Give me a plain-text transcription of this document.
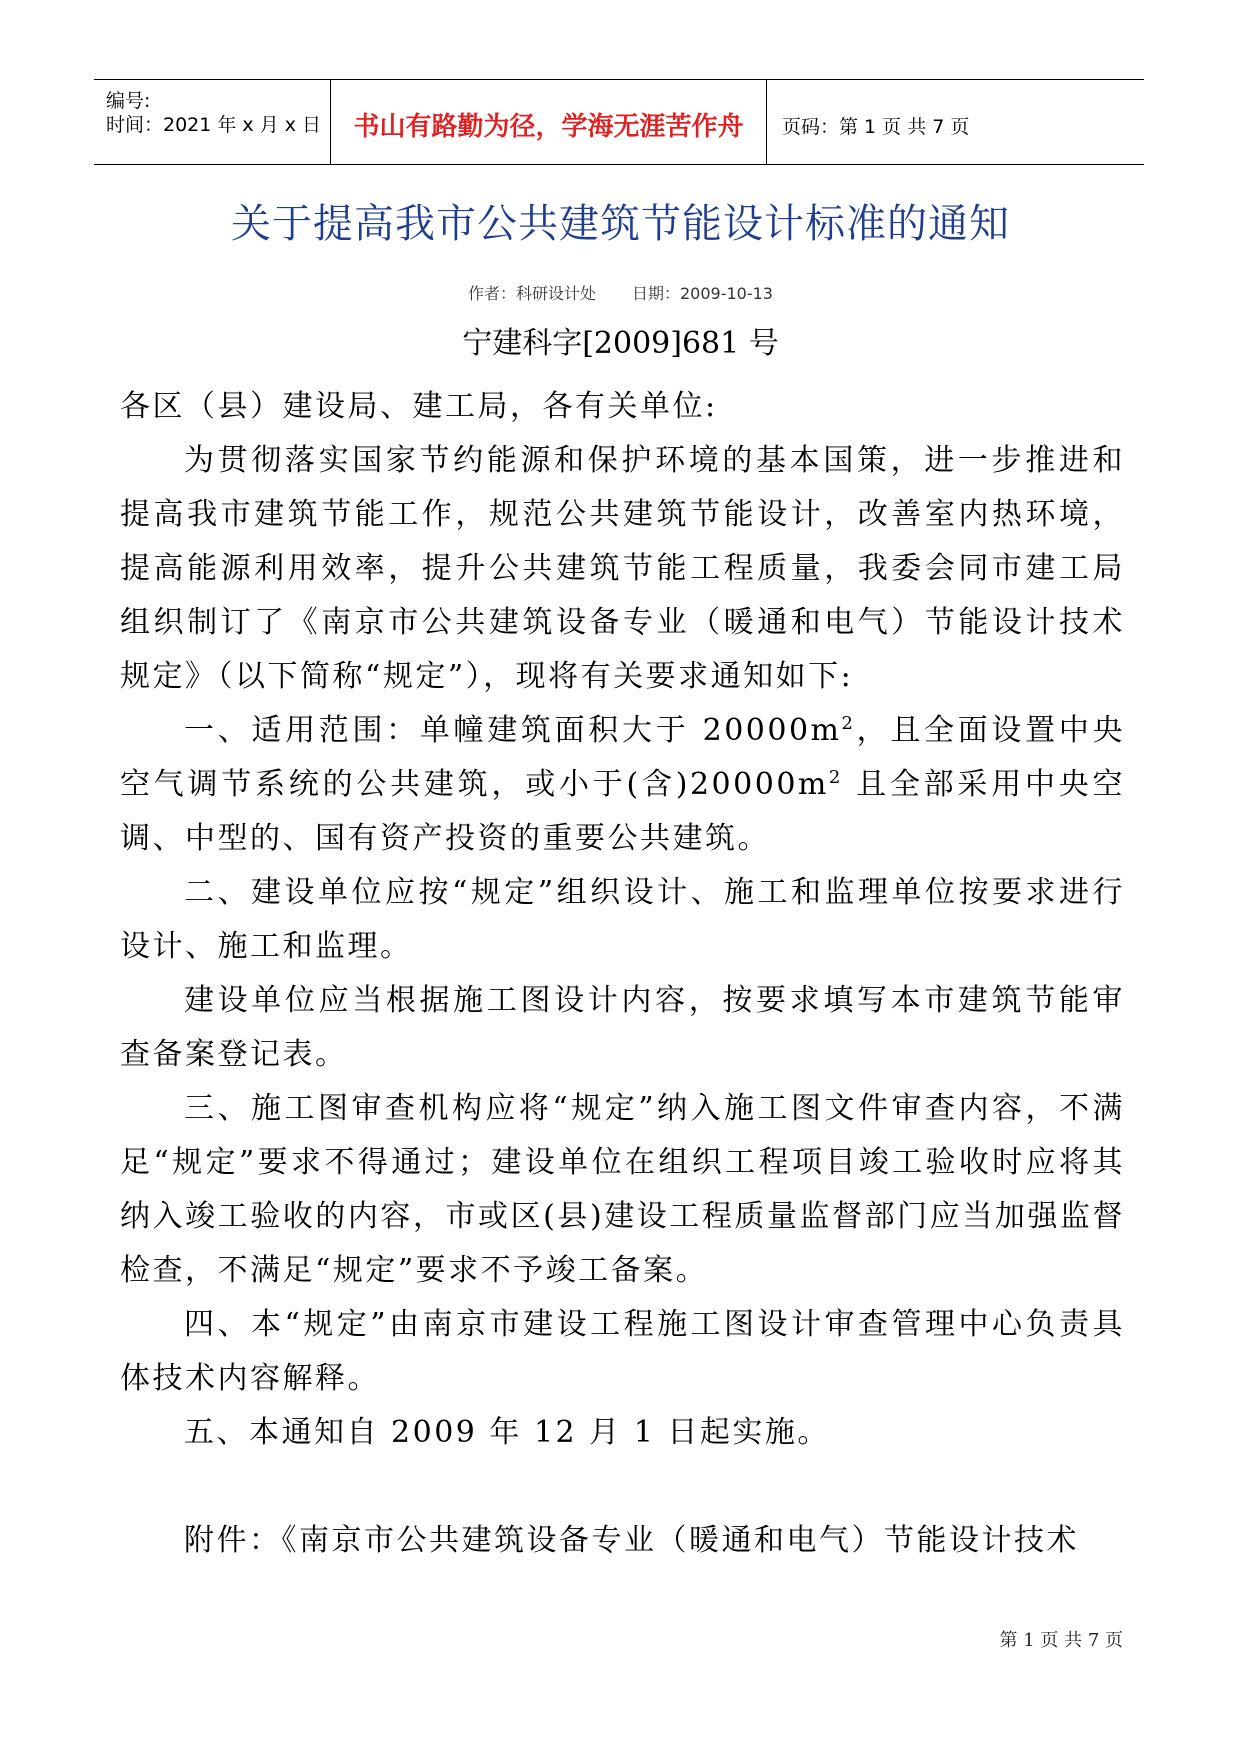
编号:
时间：2021 年 x 月 x 日	书山有路勤为径，学海无涯苦作舟	页码：第 1 页 共 7 页
关于提高我市公共建筑节能设计标准的通知
作者：科研设计处 日期：2009-10-13
宁建科字[2009]681 号

各区（县）建设局、建工局，各有关单位:

为贯彻落实国家节约能源和保护环境的基本国策，进一步推进和提高我市建筑节能工作，规范公共建筑节能设计，改善室内热环境，提高能源利用效率，提升公共建筑节能工程质量，我委会同市建工局组织制订了《南京市公共建筑设备专业（暖通和电气）节能设计技术规定》（以下简称“规定”），现将有关要求通知如下:

一、适用范围：单幢建筑面积大于 $20000m^2$，且全面设置中央空气调节系统的公共建筑，或小于(含)$20000m^2$ 且全部采用中央空调、中型的、国有资产投资的重要公共建筑。

二、建设单位应按“规定”组织设计、施工和监理单位按要求进行设计、施工和监理。

建设单位应当根据施工图设计内容，按要求填写本市建筑节能审查备案登记表。

三、施工图审查机构应将“规定”纳入施工图文件审查内容，不满足“规定”要求不得通过；建设单位在组织工程项目竣工验收时应将其纳入竣工验收的内容，市或区(县)建设工程质量监督部门应当加强监督检查，不满足“规定”要求不予竣工备案。

四、本“规定”由南京市建设工程施工图设计审查管理中心负责具体技术内容解释。

五、本通知自 2009 年 12 月 1 日起实施。

附件：《南京市公共建筑设备专业（暖通和电气）节能设计技术

第 1 页 共 7 页
